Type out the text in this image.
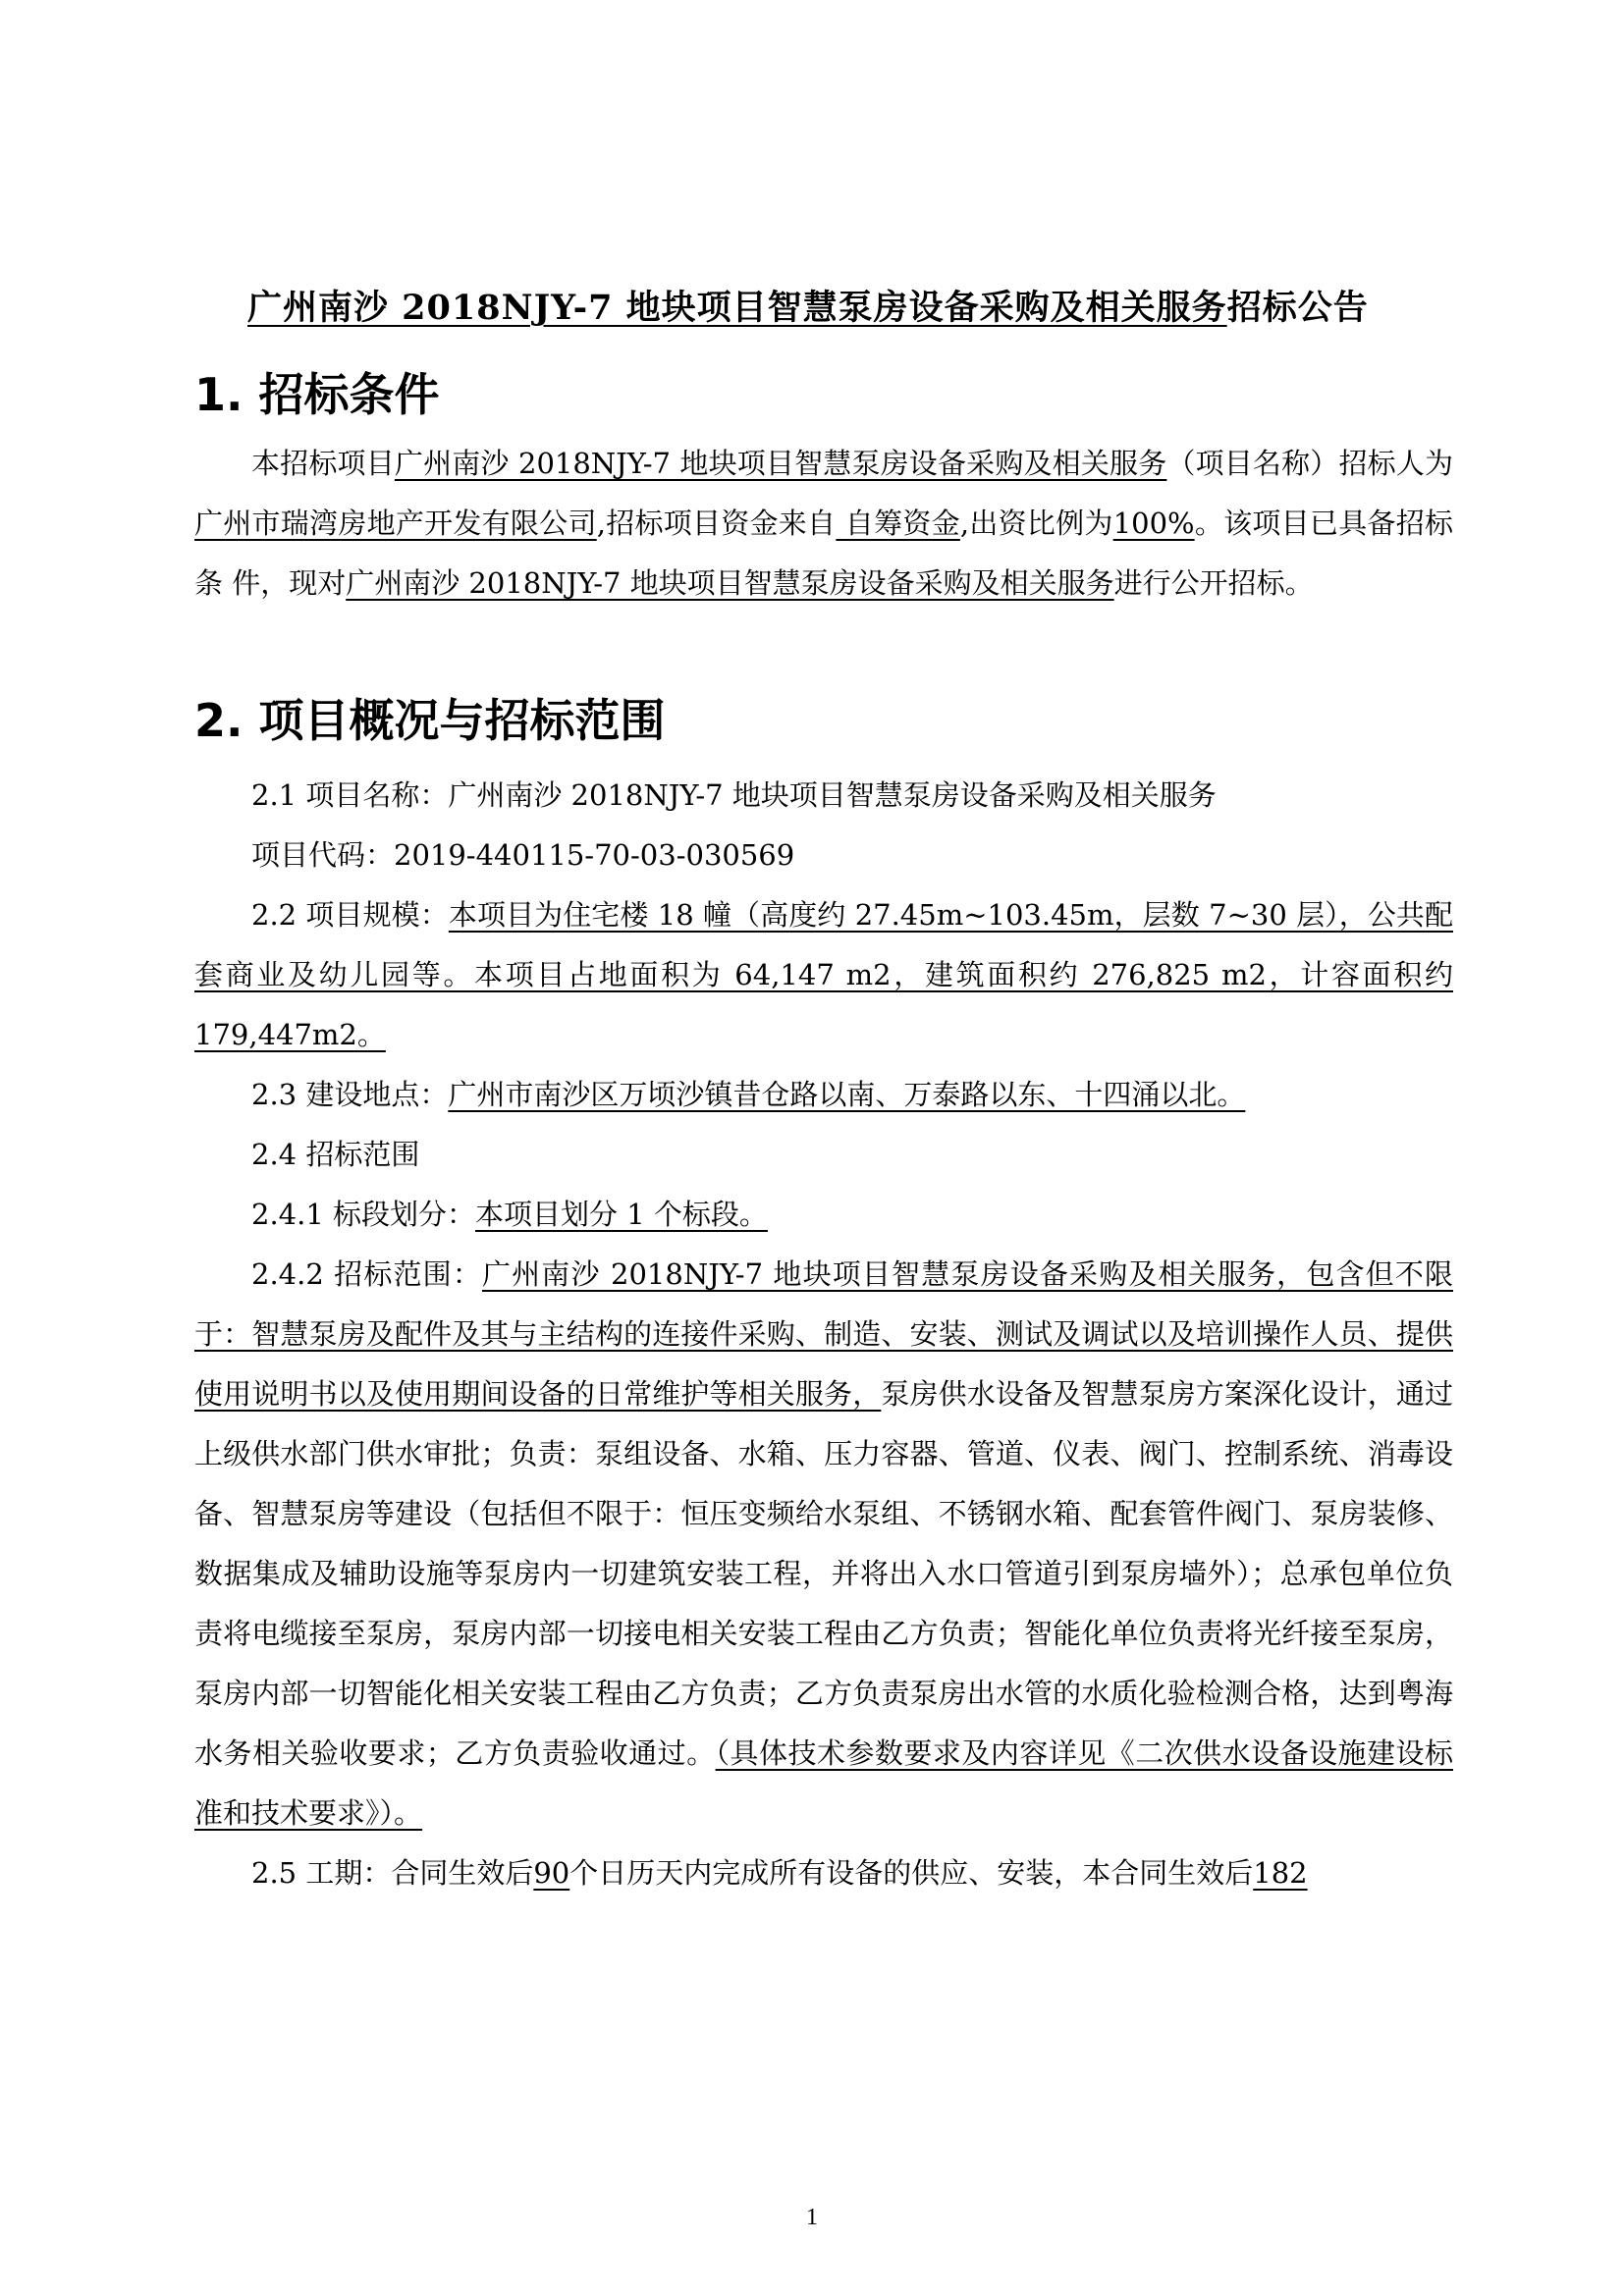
广州南沙 2018NJY-7 地块项目智慧泵房设备采购及相关服务招标公告
1. 招标条件

本招标项目广州南沙 2018NJY-7 地块项目智慧泵房设备采购及相关服务（项目名称）招标人为广州市瑞湾房地产开发有限公司,招标项目资金来自 自筹资金,出资比例为100%。该项目已具备招标条 件，现对广州南沙 2018NJY-7 地块项目智慧泵房设备采购及相关服务进行公开招标。

2. 项目概况与招标范围
2.1 项目名称：广州南沙 2018NJY-7 地块项目智慧泵房设备采购及相关服务
项目代码：2019-440115-70-03-030569

2.2 项目规模：本项目为住宅楼 18 幢（高度约 27.45m~103.45m，层数 7~30 层），公共配套商业及幼儿园等。本项目占地面积为 64,147 m2，建筑面积约 276,825 m2，计容面积约 179,447m2。

2.3 建设地点：广州市南沙区万顷沙镇昔仓路以南、万泰路以东、十四涌以北。

2.4 招标范围

2.4.1 标段划分：本项目划分 1 个标段。

2.4.2 招标范围：广州南沙 2018NJY-7 地块项目智慧泵房设备采购及相关服务，包含但不限于：智慧泵房及配件及其与主结构的连接件采购、制造、安装、测试及调试以及培训操作人员、提供使用说明书以及使用期间设备的日常维护等相关服务，泵房供水设备及智慧泵房方案深化设计，通过上级供水部门供水审批；负责：泵组设备、水箱、压力容器、管道、仪表、阀门、控制系统、消毒设备、智慧泵房等建设（包括但不限于：恒压变频给水泵组、不锈钢水箱、配套管件阀门、泵房装修、数据集成及辅助设施等泵房内一切建筑安装工程，并将出入水口管道引到泵房墙外）；总承包单位负责将电缆接至泵房，泵房内部一切接电相关安装工程由乙方负责；智能化单位负责将光纤接至泵房，泵房内部一切智能化相关安装工程由乙方负责；乙方负责泵房出水管的水质化验检测合格，达到粤海水务相关验收要求；乙方负责验收通过。（具体技术参数要求及内容详见《二次供水设备设施建设标准和技术要求》）。

2.5 工期：合同生效后90个日历天内完成所有设备的供应、安装，本合同生效后182

1
